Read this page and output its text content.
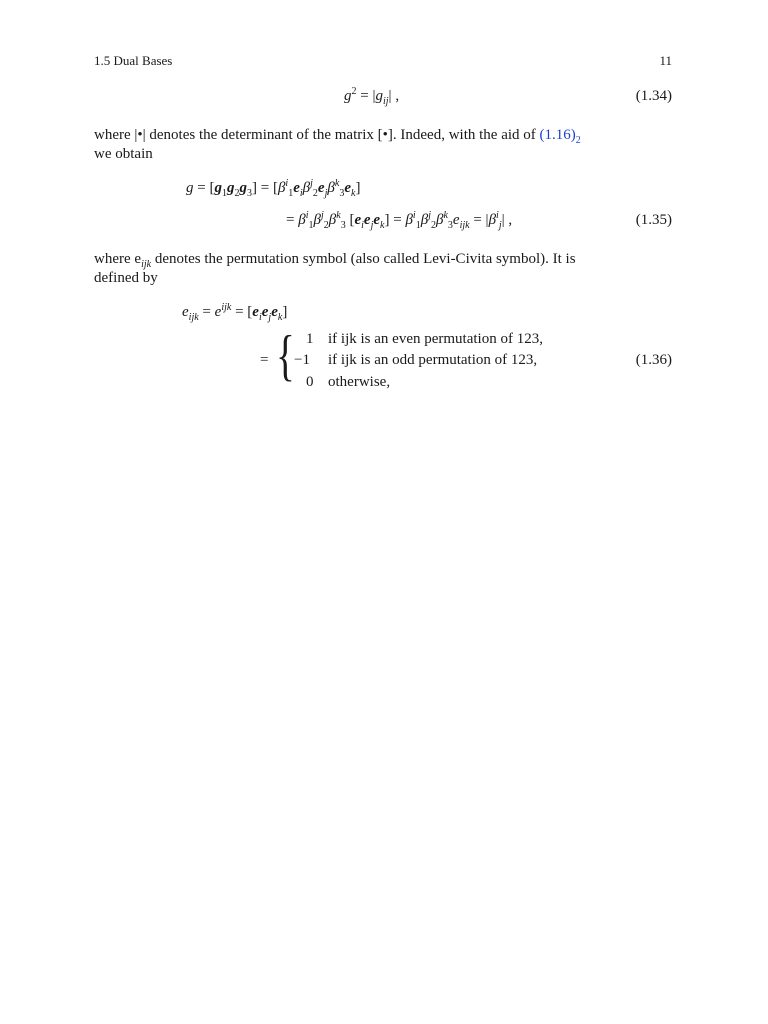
1.5 Dual Bases	11
$g^2 = |g_{ij}|$ ,	(1.34)
where |•| denotes the determinant of the matrix [•]. Indeed, with the aid of $(1.16)_2$
we obtain
$g = [g_1g_2g_3] = [\beta^i_1e_i\beta^j_2e_j\beta^k_3e_k]$
= $\beta^i_1\beta^j_2\beta^k_3$ $[e_ie_je_k] = \beta^i_1\beta^j_2\beta^k_3e_{ijk} = |\beta^i_j|$ ,	(1.35)
where $e_{ijk}$ denotes the permutation symbol (also called Levi-Civita symbol). It is
defined by
$e_{ijk} = e^{ijk} = [e_ie_je_k]$
= { 1 if ijk is an even permutation of 123,
−1 if ijk is an odd permutation of 123,
0 otherwise,
(1.36)
